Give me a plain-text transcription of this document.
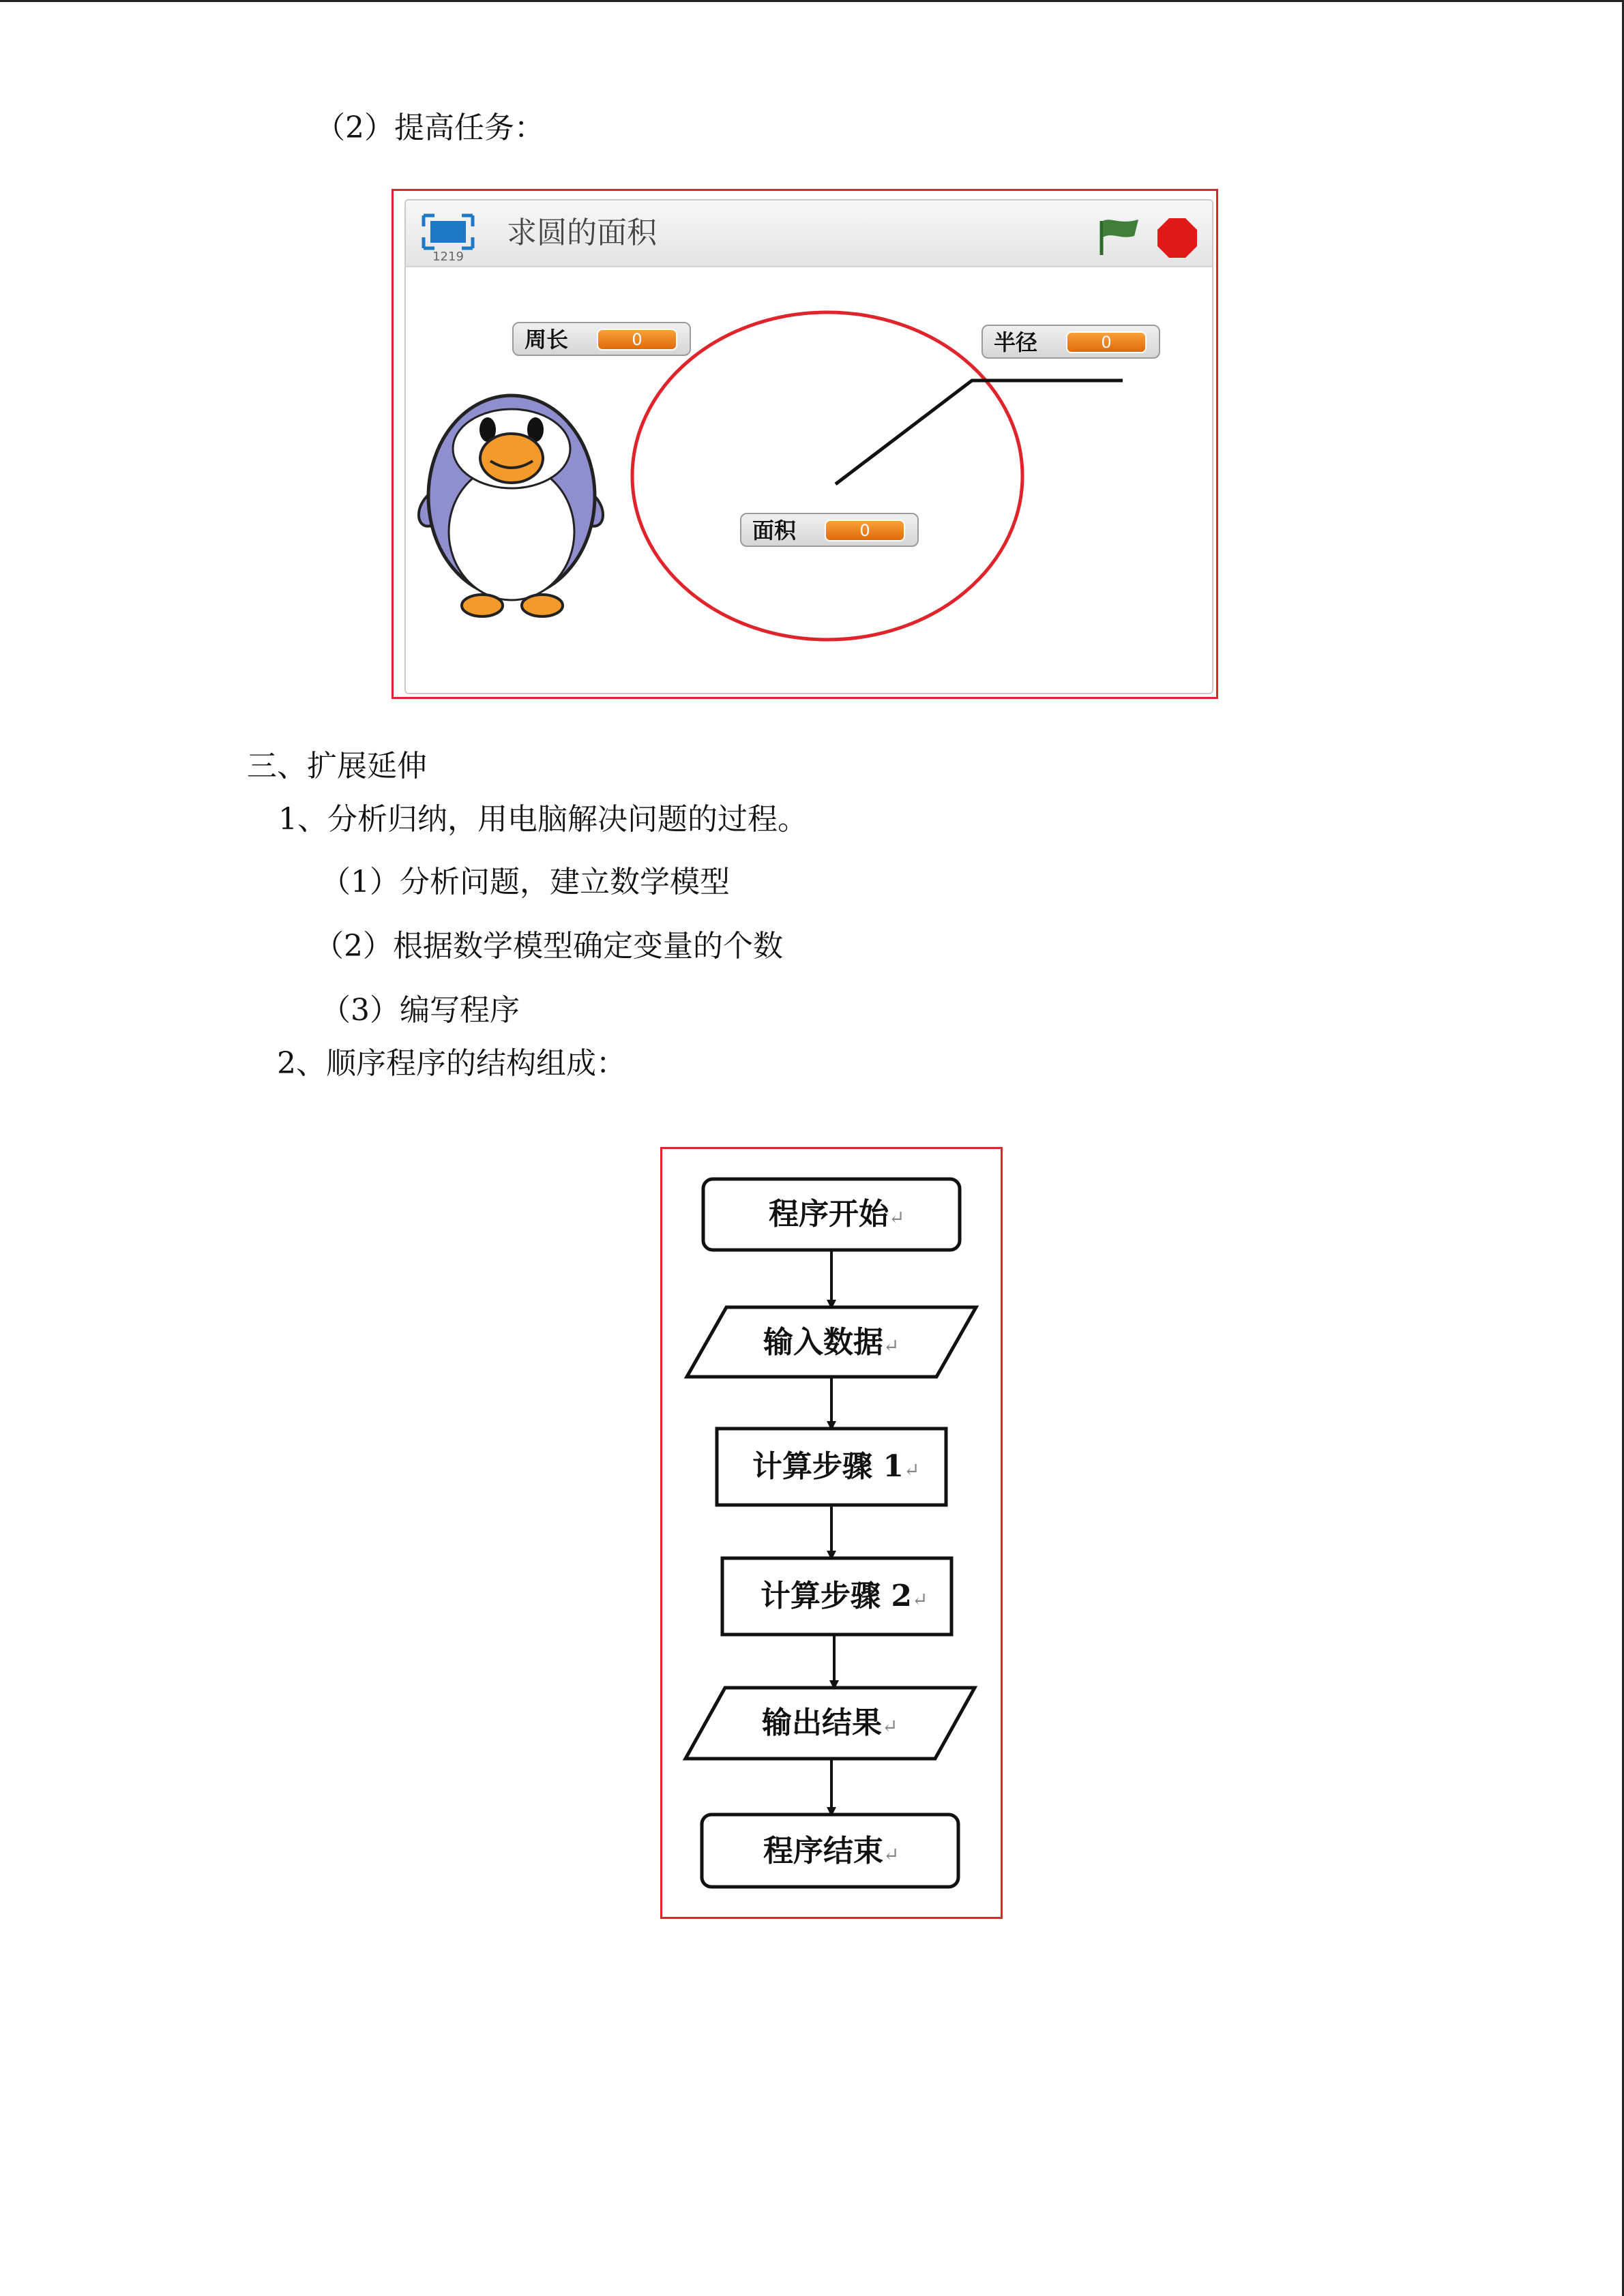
（2）提高任务：
1219
求圆的面积
周长	0	半径	0
面积	0
三、扩展延伸
1、分析归纳，用电脑解决问题的过程。
（1）分析问题，建立数学模型
（2）根据数学模型确定变量的个数
（3）编写程序
2、顺序程序的结构组成：
程序开始↵
输入数据↵
计算步骤 1↵
计算步骤 2↵
输出结果↵
程序结束↵
